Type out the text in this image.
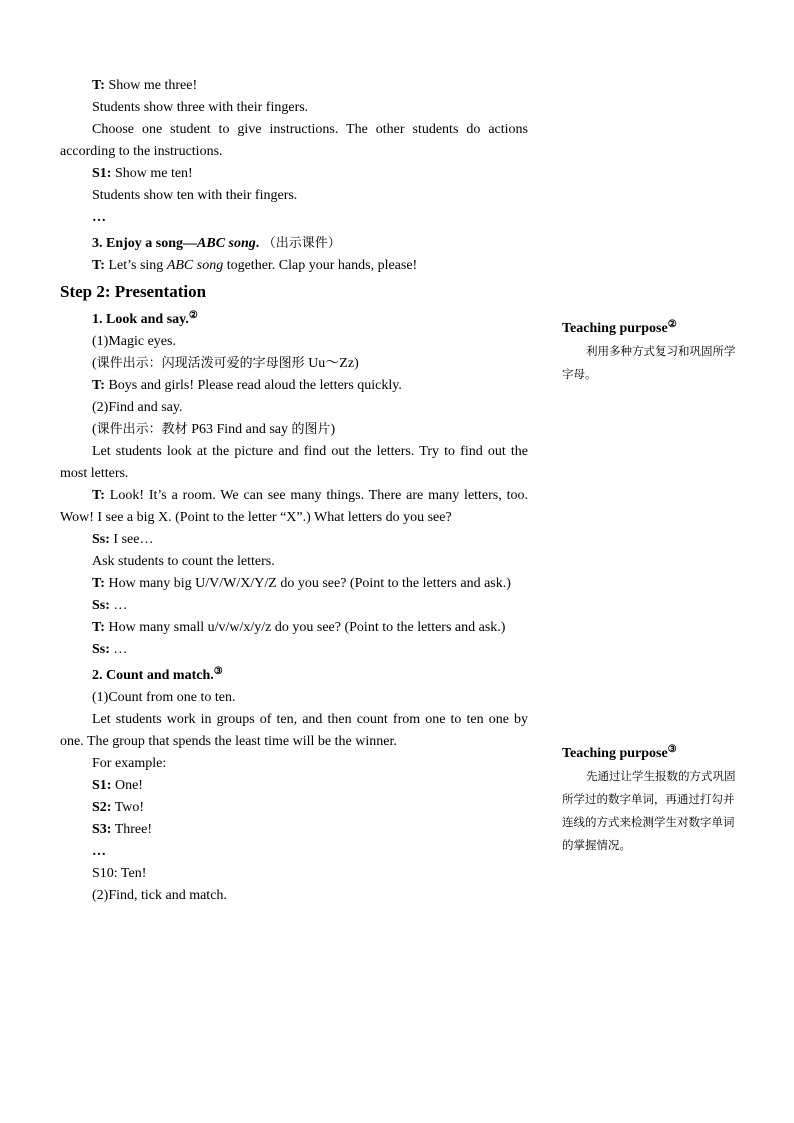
T: Show me three!

Students show three with their fingers.

Choose one student to give instructions. The other students do actions according to the instructions.

S1: Show me ten!

Students show ten with their fingers.

…

3. Enjoy a song—ABC song. （出示课件）

T: Let’s sing ABC song together. Clap your hands, please!

Step 2: Presentation

1. Look and say.②

(1)Magic eyes.

(课件出示：闪现活泼可爱的字母图形 Uu～Zz)

T: Boys and girls! Please read aloud the letters quickly.

(2)Find and say.

(课件出示：教材 P63 Find and say 的图片)

Let students look at the picture and find out the letters. Try to find out the most letters.

T: Look! It’s a room. We can see many things. There are many letters, too. Wow! I see a big X. (Point to the letter “X”.) What letters do you see?

Ss: I see…

Ask students to count the letters.

T: How many big U/V/W/X/Y/Z do you see? (Point to the letters and ask.)

Ss: …

T: How many small u/v/w/x/y/z do you see? (Point to the letters and ask.)

Ss: …

2. Count and match.③

(1)Count from one to ten.

Let students work in groups of ten, and then count from one to ten one by one. The group that spends the least time will be the winner.

For example:

S1: One!

S2: Two!

S3: Three!

…

S10: Ten!

(2)Find, tick and match.

Teaching purpose②

利用多种方式复习和巩固所学字母。

Teaching purpose③

先通过让学生报数的方式巩固所学过的数字单词，再通过打勾并连线的方式来检测学生对数字单词的掌握情况。
